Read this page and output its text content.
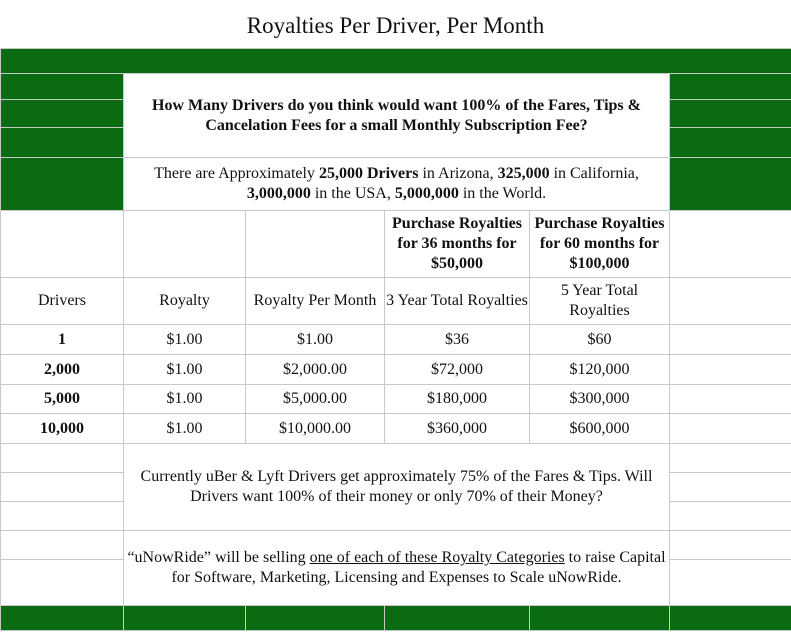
Royalties Per Driver, Per Month

	How Many Drivers do you think would want 100% of the Fares, Tips & Cancelation Fees for a small Monthly Subscription Fee?				

	There are Approximately 25,000 Drivers in Arizona, 325,000 in California, 3,000,000 in the USA, 5,000,000 in the World.				
			Purchase Royalties for 36 months for $50,000	Purchase Royalties for 60 months for $100,000	
Drivers	Royalty	Royalty Per Month	3 Year Total Royalties	5 Year Total Royalties	
1	$1.00	$1.00	$36	$60	
2,000	$1.00	$2,000.00	$72,000	$120,000	
5,000	$1.00	$5,000.00	$180,000	$300,000	
10,000	$1.00	$10,000.00	$360,000	$600,000	
	Currently uBer & Lyft Drivers get approximately 75% of the Fares & Tips. Will Drivers want 100% of their money or only 70% of their Money?				

	“uNowRide” will be selling one of each of these Royalty Categories to raise Capital for Software, Marketing, Licensing and Expenses to Scale uNowRide.				
